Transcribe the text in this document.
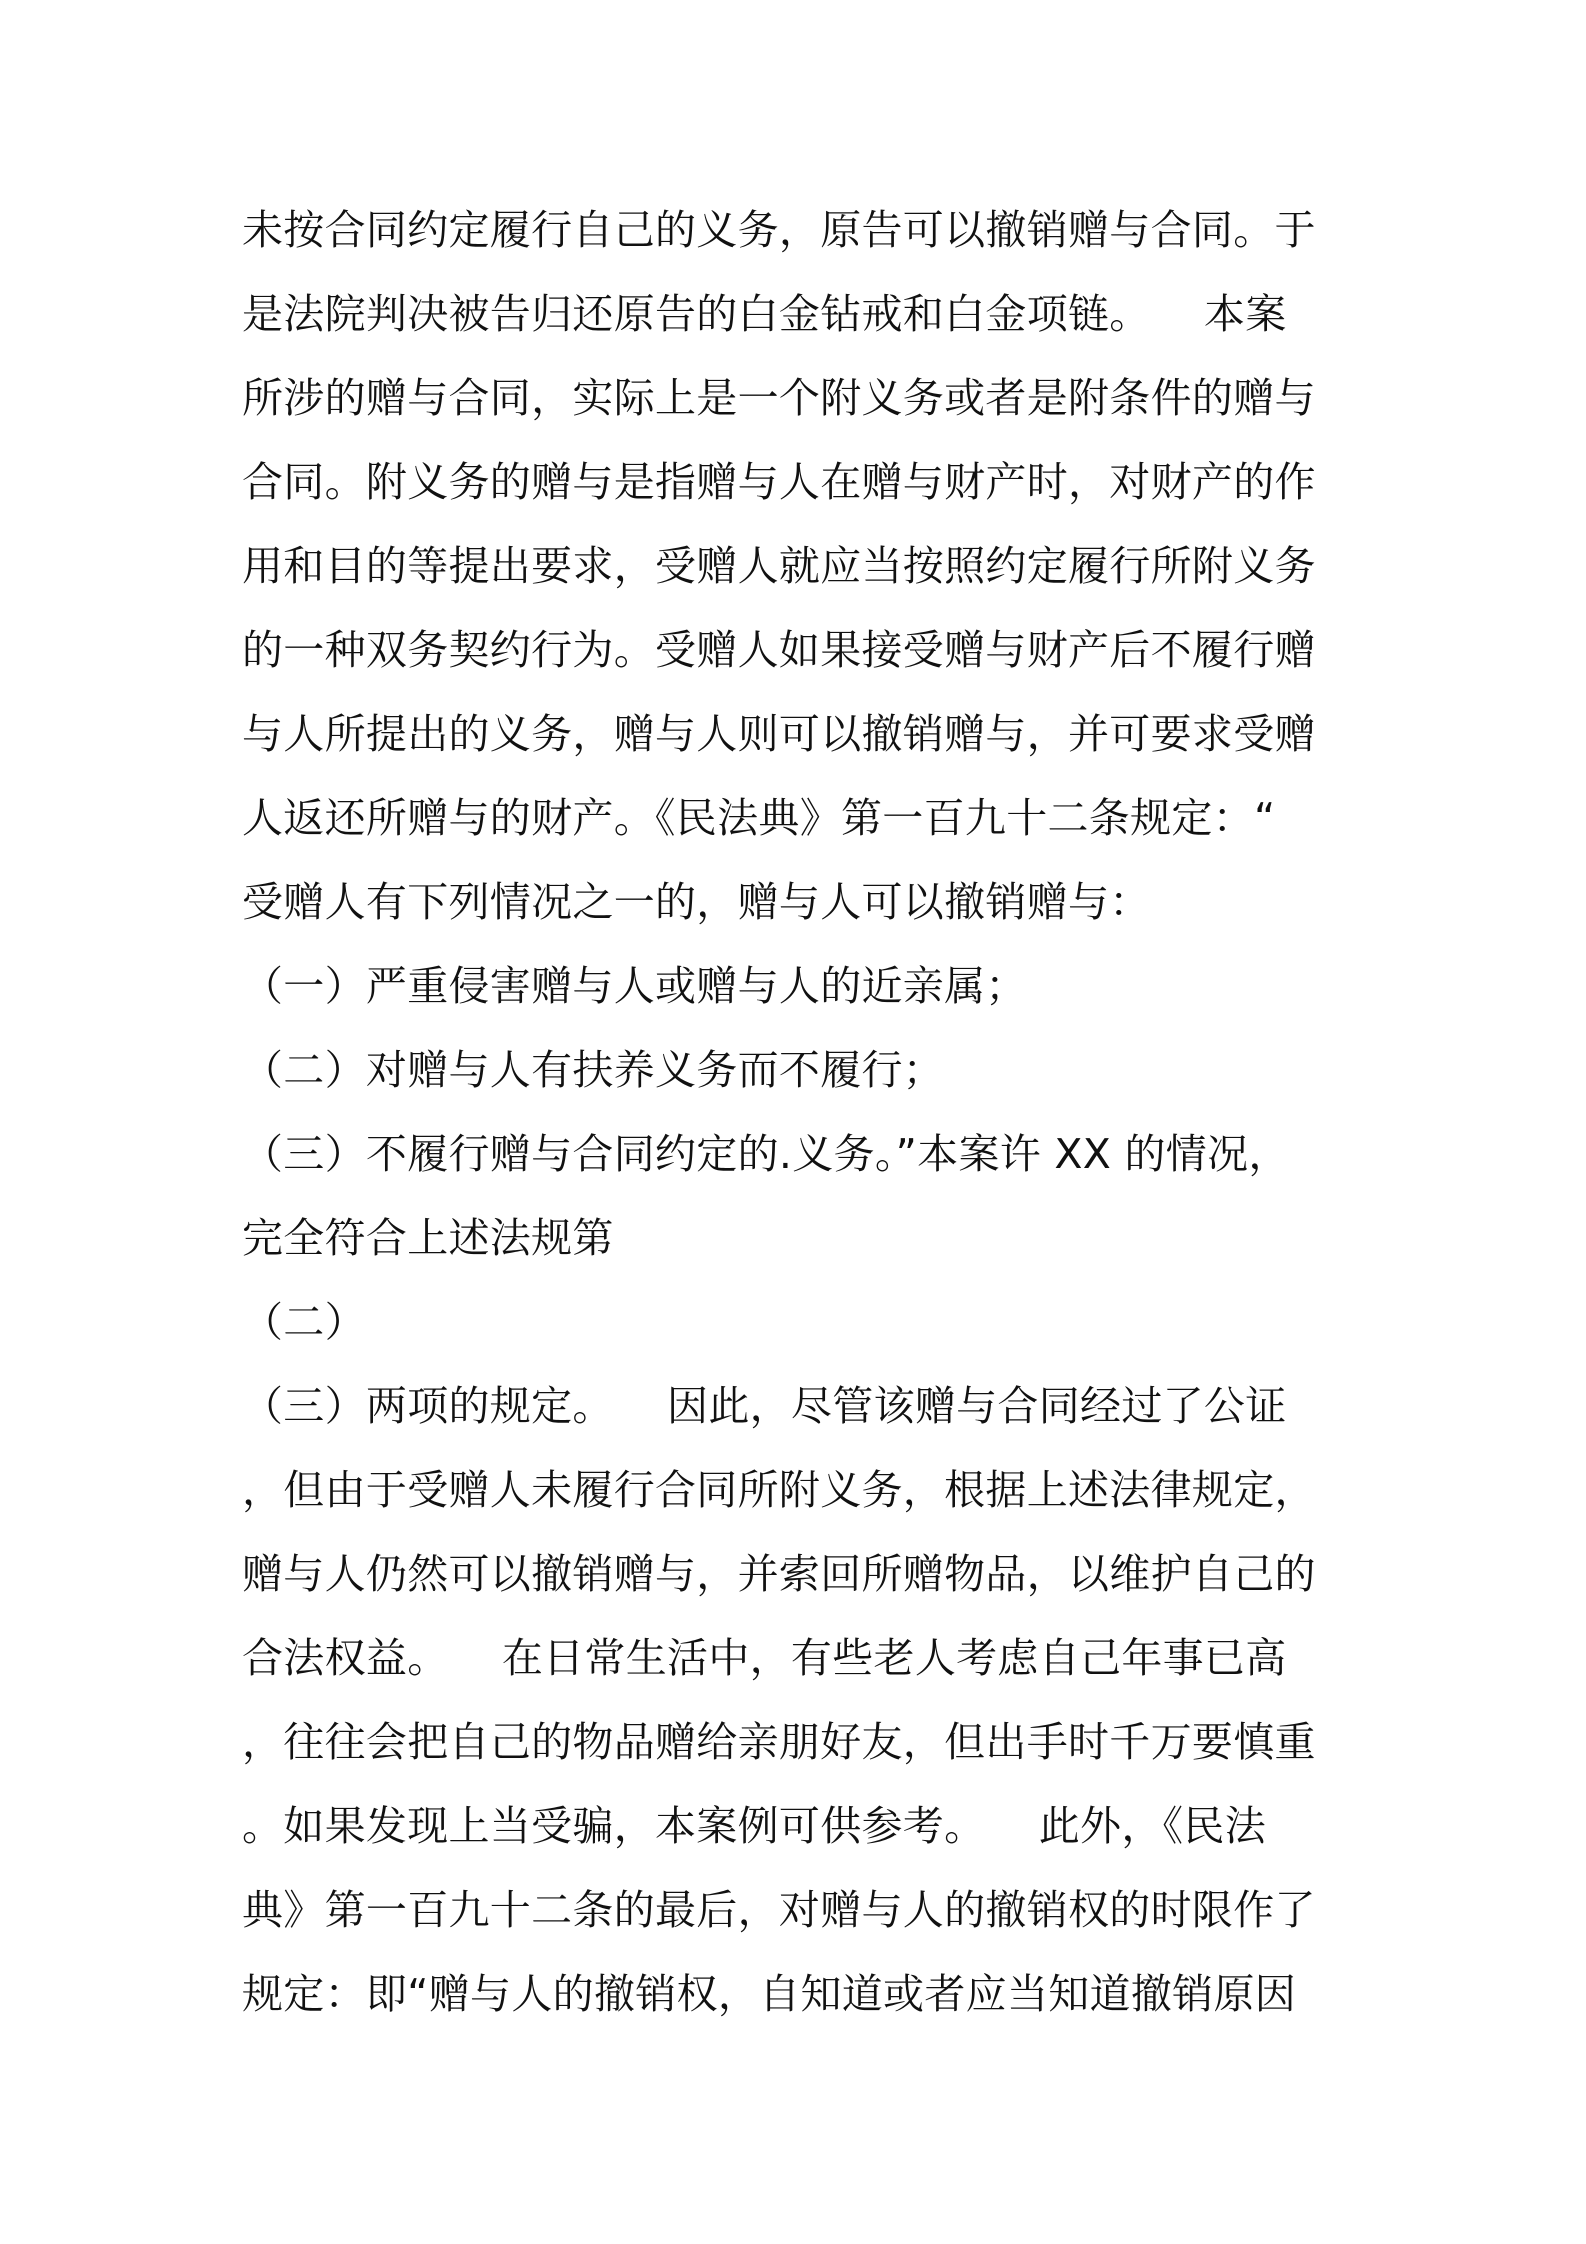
未按合同约定履行自己的义务，原告可以撤销赠与合同。于
是法院判决被告归还原告的白金钻戒和白金项链。    本案
所涉的赠与合同，实际上是一个附义务或者是附条件的赠与
合同。附义务的赠与是指赠与人在赠与财产时，对财产的作
用和目的等提出要求，受赠人就应当按照约定履行所附义务
的一种双务契约行为。受赠人如果接受赠与财产后不履行赠
与人所提出的义务，赠与人则可以撤销赠与，并可要求受赠
人返还所赠与的财产。《民法典》第一百九十二条规定：“
受赠人有下列情况之一的，赠与人可以撤销赠与：
（一）严重侵害赠与人或赠与人的近亲属；
（二）对赠与人有扶养义务而不履行；
（三）不履行赠与合同约定的.义务。”本案许 XX 的情况，
完全符合上述法规第
（二）
（三）两项的规定。    因此，尽管该赠与合同经过了公证
，但由于受赠人未履行合同所附义务，根据上述法律规定，
赠与人仍然可以撤销赠与，并索回所赠物品，以维护自己的
合法权益。    在日常生活中，有些老人考虑自己年事已高
，往往会把自己的物品赠给亲朋好友，但出手时千万要慎重
。如果发现上当受骗，本案例可供参考。    此外，《民法
典》第一百九十二条的最后，对赠与人的撤销权的时限作了
规定：即“赠与人的撤销权，自知道或者应当知道撤销原因
